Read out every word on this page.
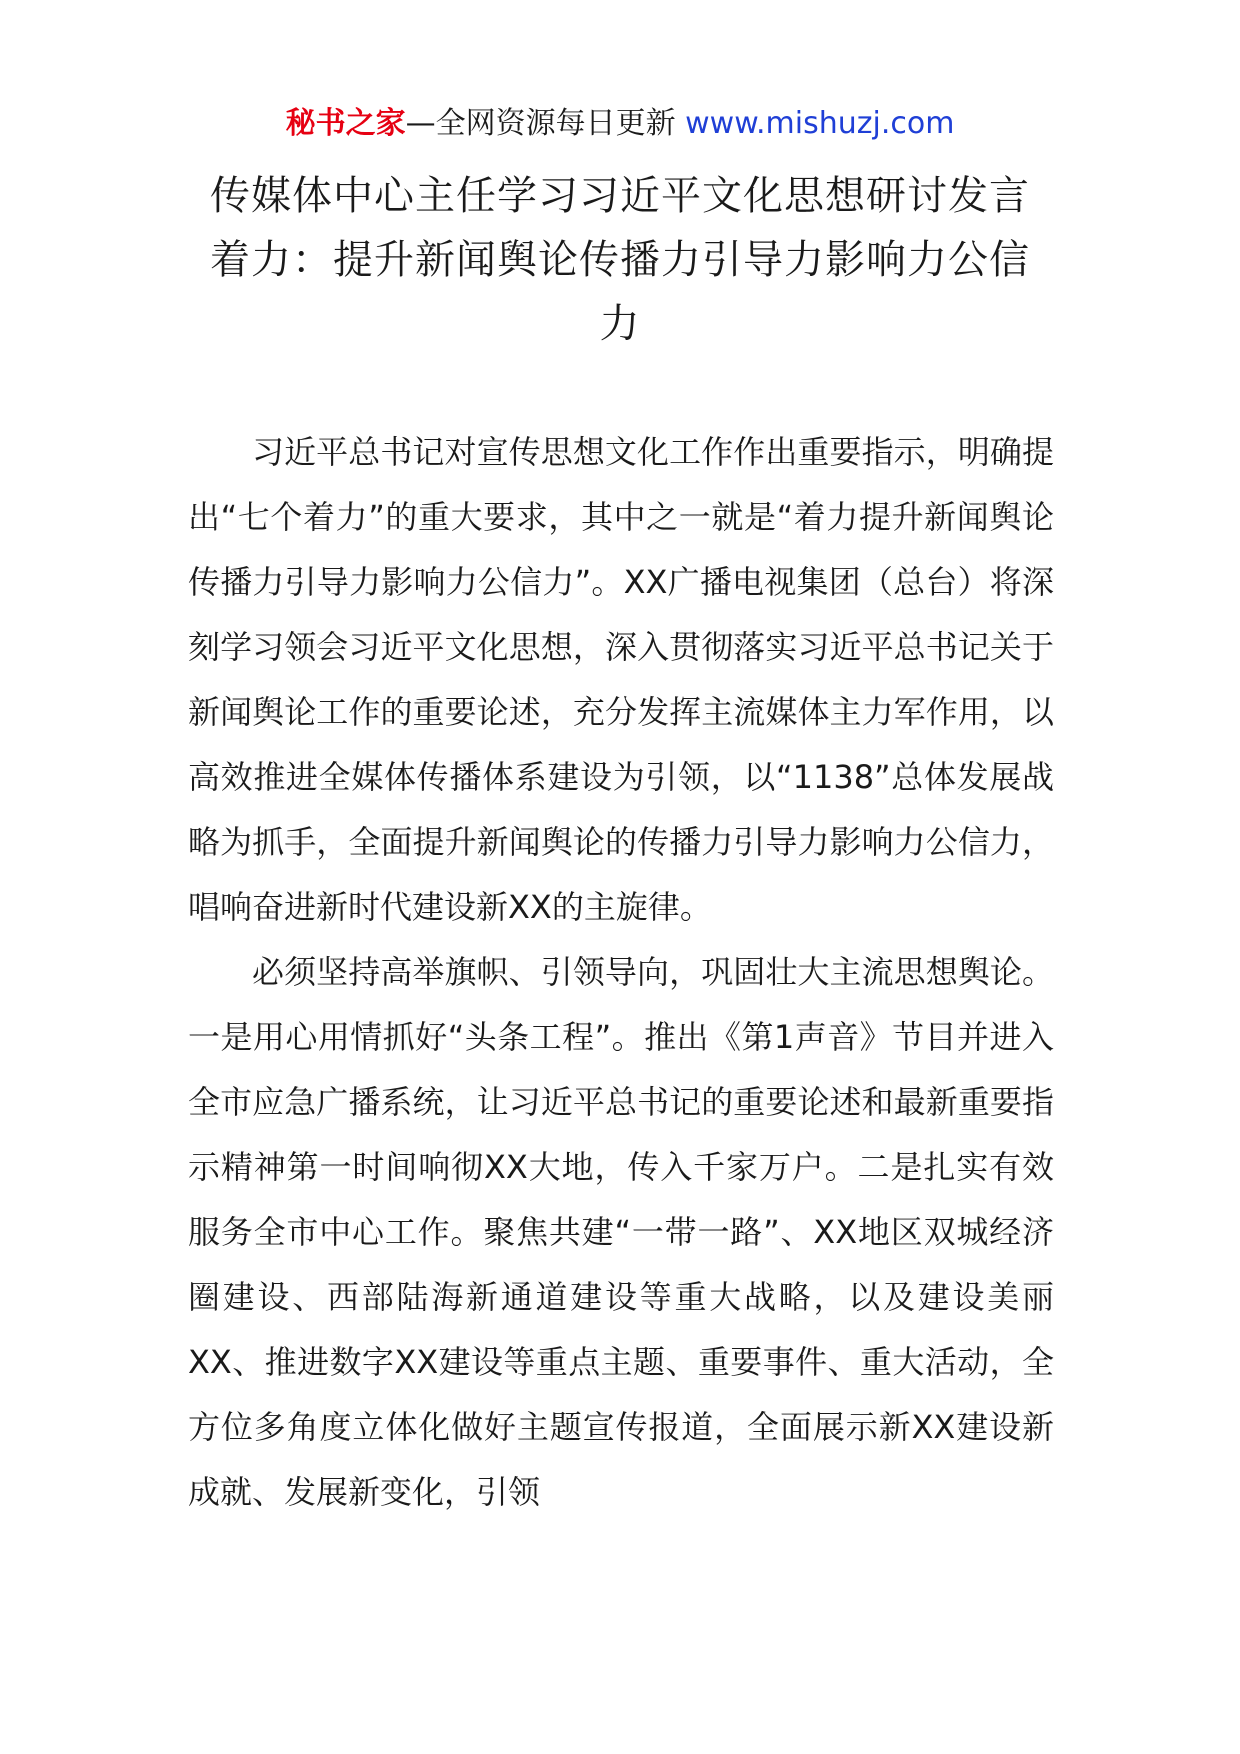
秘书之家—全网资源每日更新 www.mishuzj.com
传媒体中心主任学习习近平文化思想研讨发言
着力：提升新闻舆论传播力引导力影响力公信
力

习近平总书记对宣传思想文化工作作出重要指示，明确提出“七个着力”的重大要求，其中之一就是“着力提升新闻舆论传播力引导力影响力公信力”。XX广播电视集团（总台）将深刻学习领会习近平文化思想，深入贯彻落实习近平总书记关于新闻舆论工作的重要论述，充分发挥主流媒体主力军作用，以高效推进全媒体传播体系建设为引领，以“1138”总体发展战略为抓手，全面提升新闻舆论的传播力引导力影响力公信力，唱响奋进新时代建设新XX的主旋律。

必须坚持高举旗帜、引领导向，巩固壮大主流思想舆论。一是用心用情抓好“头条工程”。推出《第1声音》节目并进入全市应急广播系统，让习近平总书记的重要论述和最新重要指示精神第一时间响彻XX大地，传入千家万户。二是扎实有效服务全市中心工作。聚焦共建“一带一路”、XX地区双城经济圈建设、西部陆海新通道建设等重大战略，以及建设美丽XX、推进数字XX建设等重点主题、重要事件、重大活动，全方位多角度立体化做好主题宣传报道，全面展示新XX建设新成就、发展新变化，引领
